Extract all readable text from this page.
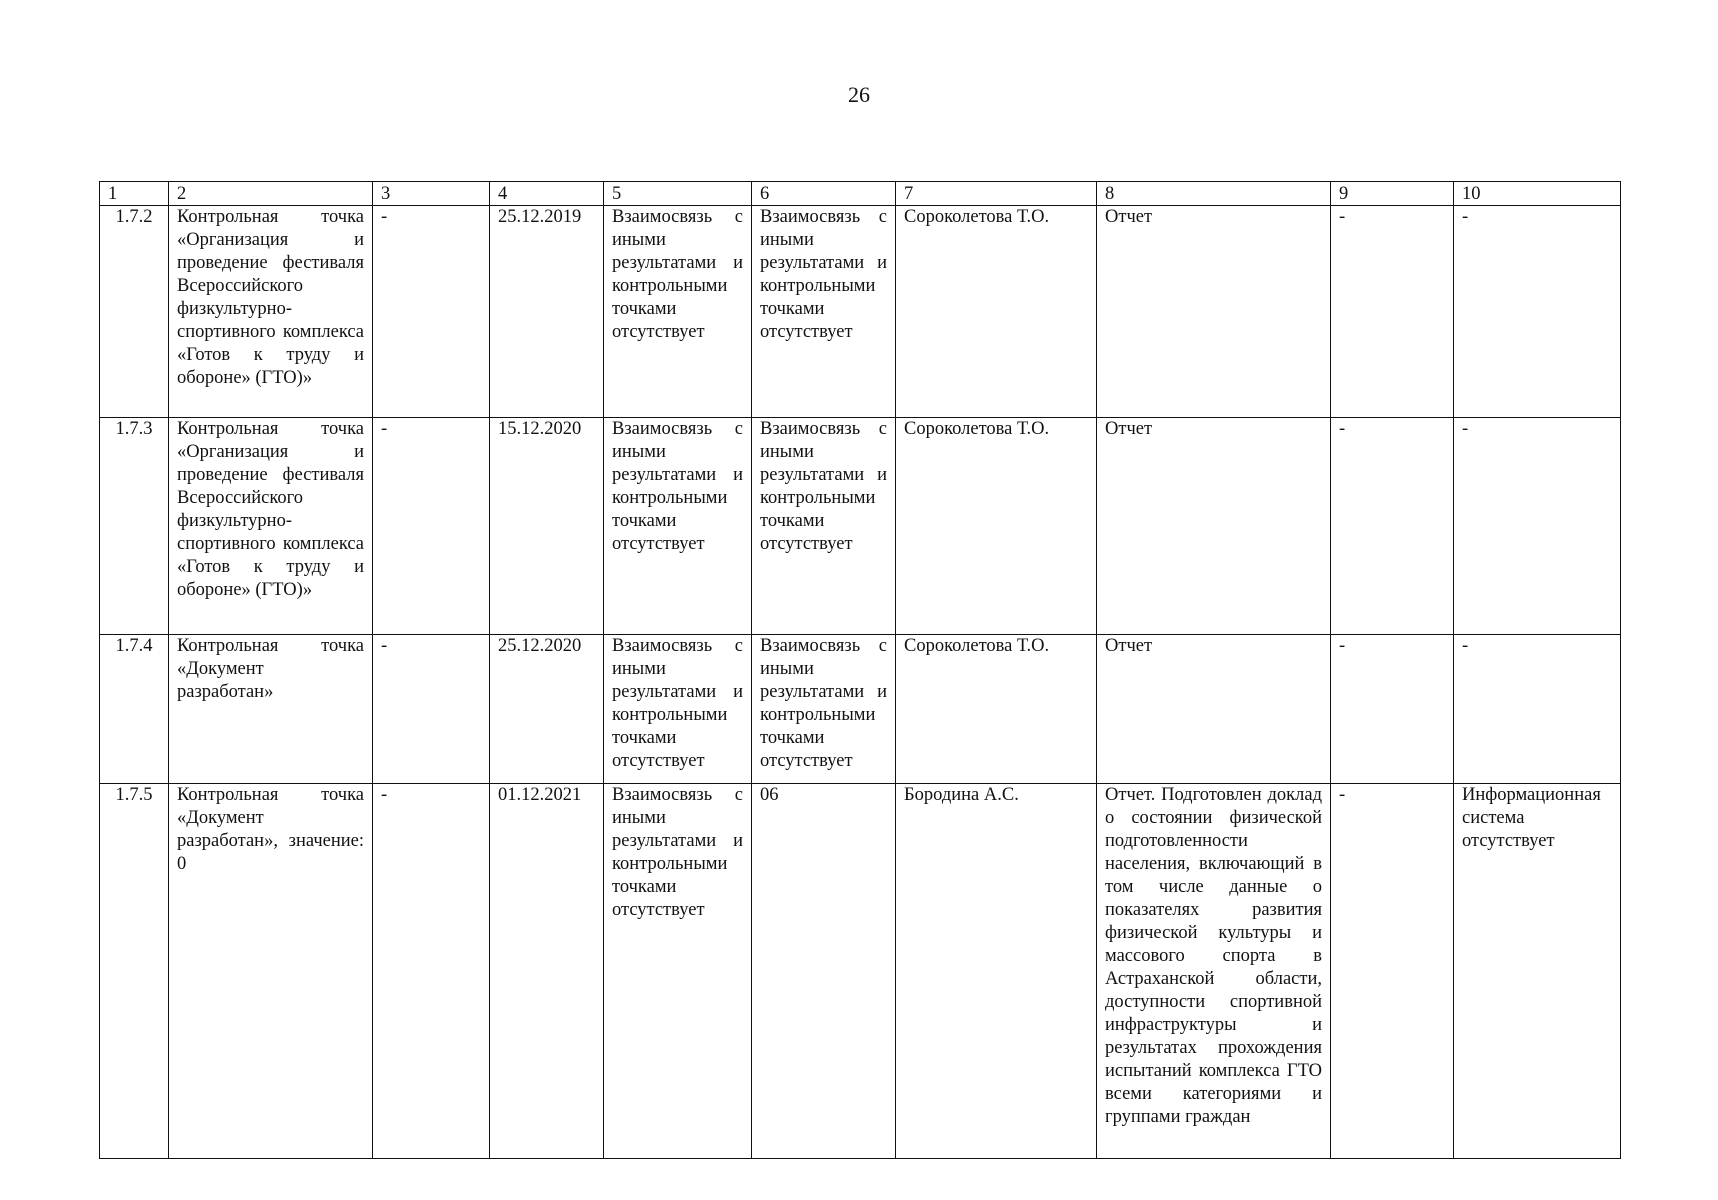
26
1	2	3	4	5	6	7	8	9	10
1.7.2	Контрольная точка «Организация и проведение фестиваля Всероссийского физкультурно-спортивного комплекса «Готов к труду и обороне» (ГТО)»	-	25.12.2019	Взаимосвязь с иными результатами и контрольными точками отсутствует	Взаимосвязь с иными результатами и контрольными точками отсутствует	Сороколетова Т.О.	Отчет	-	-
1.7.3	Контрольная точка «Организация и проведение фестиваля Всероссийского физкультурно-спортивного комплекса «Готов к труду и обороне» (ГТО)»	-	15.12.2020	Взаимосвязь с иными результатами и контрольными точками отсутствует	Взаимосвязь с иными результатами и контрольными точками отсутствует	Сороколетова Т.О.	Отчет	-	-
1.7.4	Контрольная точка «Документ разработан»	-	25.12.2020	Взаимосвязь с иными результатами и контрольными точками отсутствует	Взаимосвязь с иными результатами и контрольными точками отсутствует	Сороколетова Т.О.	Отчет	-	-
1.7.5	Контрольная точка «Документ разработан», значение: 0	-	01.12.2021	Взаимосвязь с иными результатами и контрольными точками отсутствует	06	Бородина А.С.	Отчет. Подготовлен доклад о состоянии физической подготовленности населения, включающий в том числе данные о показателях развития физической культуры и массового спорта в Астраханской области, доступности спортивной инфраструктуры и результатах прохождения испытаний комплекса ГТО всеми категориями и группами граждан	-	Информационная система отсутствует
